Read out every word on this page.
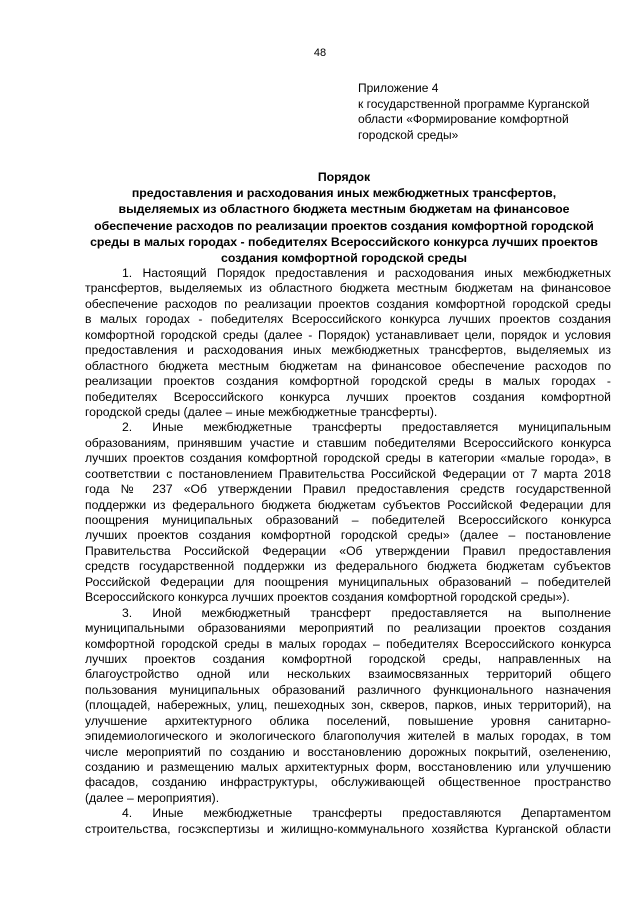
48
Приложение 4
к государственной программе Курганской
области «Формирование комфортной
городской среды»
Порядок
предоставления и расходования иных межбюджетных трансфертов,
выделяемых из областного бюджета местным бюджетам на финансовое
обеспечение расходов по реализации проектов создания комфортной городской
среды в малых городах - победителях Всероссийского конкурса лучших проектов
создания комфортной городской среды
1. Настоящий Порядок предоставления и расходования иных межбюджетных
трансфертов, выделяемых из областного бюджета местным бюджетам на финансовое
обеспечение расходов по реализации проектов создания комфортной городской среды
в малых городах - победителях Всероссийского конкурса лучших проектов создания
комфортной городской среды (далее - Порядок) устанавливает цели, порядок и условия
предоставления и расходования иных межбюджетных трансфертов, выделяемых из
областного бюджета местным бюджетам на финансовое обеспечение расходов по
реализации проектов создания комфортной городской среды в малых городах -
победителях Всероссийского конкурса лучших проектов создания комфортной
городской среды (далее – иные межбюджетные трансферты).
2. Иные межбюджетные трансферты предоставляется муниципальным
образованиям, принявшим участие и ставшим победителями Всероссийского конкурса
лучших проектов создания комфортной городской среды в категории «малые города», в
соответствии с постановлением Правительства Российской Федерации от 7 марта 2018
года № 237 «Об утверждении Правил предоставления средств государственной
поддержки из федерального бюджета бюджетам субъектов Российской Федерации для
поощрения муниципальных образований – победителей Всероссийского конкурса
лучших проектов создания комфортной городской среды» (далее – постановление
Правительства Российской Федерации «Об утверждении Правил предоставления
средств государственной поддержки из федерального бюджета бюджетам субъектов
Российской Федерации для поощрения муниципальных образований – победителей
Всероссийского конкурса лучших проектов создания комфортной городской среды»).
3. Иной межбюджетный трансферт предоставляется на выполнение
муниципальными образованиями мероприятий по реализации проектов создания
комфортной городской среды в малых городах – победителях Всероссийского конкурса
лучших проектов создания комфортной городской среды, направленных на
благоустройство одной или нескольких взаимосвязанных территорий общего
пользования муниципальных образований различного функционального назначения
(площадей, набережных, улиц, пешеходных зон, скверов, парков, иных территорий), на
улучшение архитектурного облика поселений, повышение уровня санитарно-
эпидемиологического и экологического благополучия жителей в малых городах, в том
числе мероприятий по созданию и восстановлению дорожных покрытий, озеленению,
созданию и размещению малых архитектурных форм, восстановлению или улучшению
фасадов, созданию инфраструктуры, обслуживающей общественное пространство
(далее – мероприятия).
4. Иные межбюджетные трансферты предоставляются Департаментом
строительства, госэкспертизы и жилищно-коммунального хозяйства Курганской области
